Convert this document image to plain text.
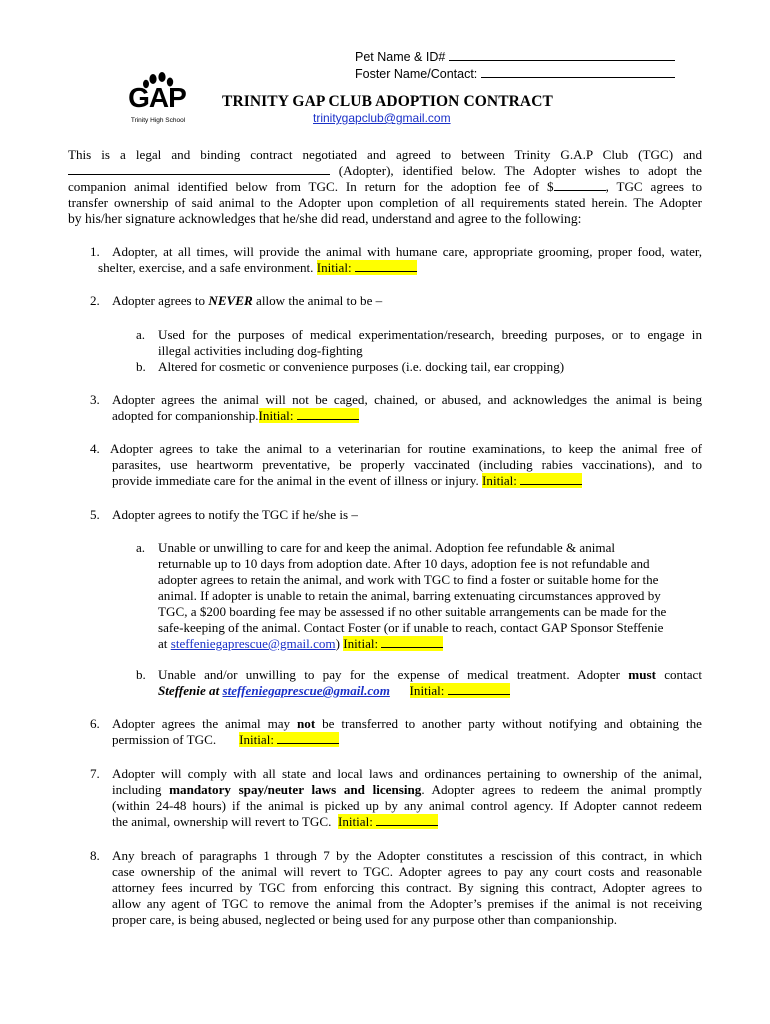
Pet Name & ID#
Foster Name/Contact:
GAP
Trinity High School
TRINITY GAP CLUB ADOPTION CONTRACT
trinitygapclub@gmail.com
This is a legal and binding contract negotiated and agreed to between Trinity G.A.P Club (TGC) and
(Adopter), identified below. The Adopter wishes to adopt the
companion animal identified below from TGC. In return for the adoption fee of $	, TGC agrees to
transfer ownership of said animal to the Adopter upon completion of all requirements stated herein. The Adopter
by his/her signature acknowledges that he/she did read, understand and agree to the following:
1. Adopter, at all times, will provide the animal with humane care, appropriate grooming, proper food, water,
shelter, exercise, and a safe environment. Initial:
2. Adopter agrees to NEVER allow the animal to be –
a. Used for the purposes of medical experimentation/research, breeding purposes, or to engage in
illegal activities including dog-fighting
b. Altered for cosmetic or convenience purposes (i.e. docking tail, ear cropping)
3. Adopter agrees the animal will not be caged, chained, or abused, and acknowledges the animal is being
adopted for companionship.Initial:
4. Adopter agrees to take the animal to a veterinarian for routine examinations, to keep the animal free of
parasites, use heartworm preventative, be properly vaccinated (including rabies vaccinations), and to
provide immediate care for the animal in the event of illness or injury. Initial:
5. Adopter agrees to notify the TGC if he/she is –
a. Unable or unwilling to care for and keep the animal. Adoption fee refundable & animal
returnable up to 10 days from adoption date. After 10 days, adoption fee is not refundable and
adopter agrees to retain the animal, and work with TGC to find a foster or suitable home for the
animal. If adopter is unable to retain the animal, barring extenuating circumstances approved by
TGC, a $200 boarding fee may be assessed if no other suitable arrangements can be made for the
safe-keeping of the animal. Contact Foster (or if unable to reach, contact GAP Sponsor Steffenie
at steffeniegaprescue@gmail.com) Initial:
b. Unable and/or unwilling to pay for the expense of medical treatment. Adopter must contact
Steffenie at steffeniegaprescue@gmail.com Initial:
6. Adopter agrees the animal may not be transferred to another party without notifying and obtaining the
permission of TGC. Initial:
7. Adopter will comply with all state and local laws and ordinances pertaining to ownership of the animal,
including mandatory spay/neuter laws and licensing. Adopter agrees to redeem the animal promptly
(within 24-48 hours) if the animal is picked up by any animal control agency. If Adopter cannot redeem
the animal, ownership will revert to TGC. Initial:
8. Any breach of paragraphs 1 through 7 by the Adopter constitutes a rescission of this contract, in which
case ownership of the animal will revert to TGC. Adopter agrees to pay any court costs and reasonable
attorney fees incurred by TGC from enforcing this contract. By signing this contract, Adopter agrees to
allow any agent of TGC to remove the animal from the Adopter’s premises if the animal is not receiving
proper care, is being abused, neglected or being used for any purpose other than companionship.
